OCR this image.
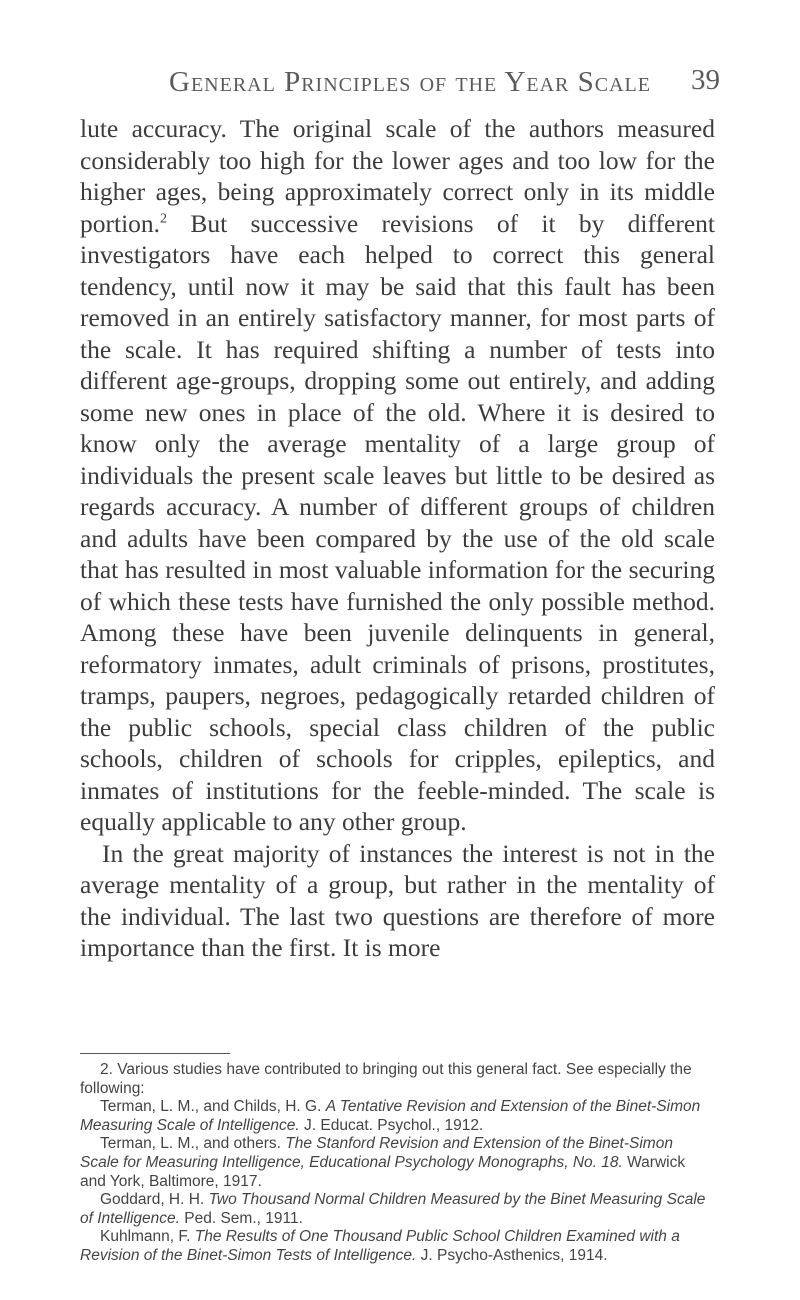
General Principles of the Year Scale	39

lute accuracy. The original scale of the authors measured considerably too high for the lower ages and too low for the higher ages, being approximately correct only in its middle portion.$^2$ But successive revisions of it by different investigators have each helped to correct this general tendency, until now it may be said that this fault has been removed in an entirely satisfactory manner, for most parts of the scale. It has required shifting a number of tests into different age-groups, dropping some out entirely, and adding some new ones in place of the old. Where it is desired to know only the average mentality of a large group of individuals the present scale leaves but little to be desired as regards accuracy. A number of different groups of children and adults have been compared by the use of the old scale that has resulted in most valuable information for the securing of which these tests have furnished the only possible method. Among these have been juvenile delinquents in general, reformatory inmates, adult criminals of prisons, prostitutes, tramps, paupers, negroes, pedagogically retarded children of the public schools, special class children of the public schools, children of schools for cripples, epileptics, and inmates of institutions for the feeble-minded. The scale is equally applicable to any other group.

In the great majority of instances the interest is not in the average mentality of a group, but rather in the mentality of the individual. The last two questions are therefore of more importance than the first. It is more

2. Various studies have contributed to bringing out this general fact. See especially the following:

Terman, L. M., and Childs, H. G. A Tentative Revision and Extension of the Binet-Simon Measuring Scale of Intelligence. J. Educat. Psychol., 1912.

Terman, L. M., and others. The Stanford Revision and Extension of the Binet-Simon Scale for Measuring Intelligence, Educational Psychology Monographs, No. 18. Warwick and York, Baltimore, 1917.

Goddard, H. H. Two Thousand Normal Children Measured by the Binet Measuring Scale of Intelligence. Ped. Sem., 1911.

Kuhlmann, F. The Results of One Thousand Public School Children Examined with a Revision of the Binet-Simon Tests of Intelligence. J. Psycho-Asthenics, 1914.
